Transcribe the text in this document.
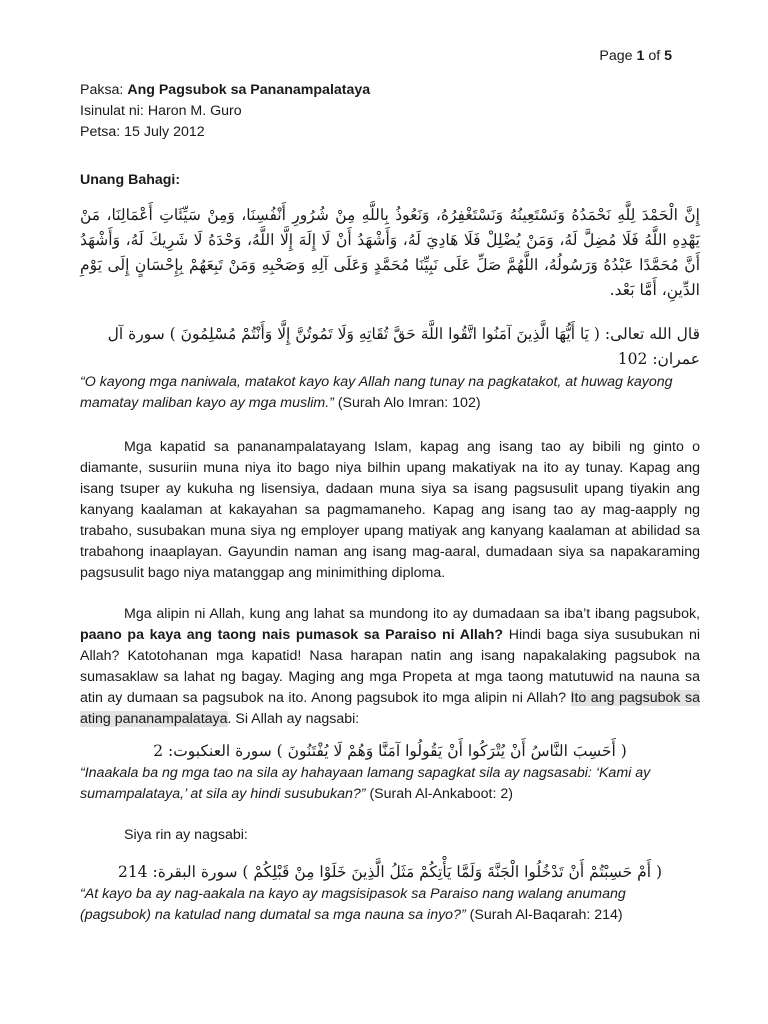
Page 1 of 5

Paksa: Ang Pagsubok sa Pananampalataya

Isinulat ni: Haron M. Guro

Petsa: 15 July 2012

Unang Bahagi:

إِنَّ الْحَمْدَ لِلَّهِ نَحْمَدُهُ وَنَسْتَعِينُهُ وَنَسْتَغْفِرُهُ، وَنَعُوذُ بِاللَّهِ مِنْ شُرُورِ أَنْفُسِنَا، وَمِنْ سَيِّئَاتِ أَعْمَالِنَا، مَنْ يَهْدِهِ اللَّهُ فَلَا مُضِلَّ لَهُ، وَمَنْ يُضْلِلْ فَلَا هَادِيَ لَهُ، وَأَشْهَدُ أَنْ لَا إِلَهَ إِلَّا اللَّهُ، وَحْدَهُ لَا شَرِيكَ لَهُ، وَأَشْهَدُ أَنَّ مُحَمَّدًا عَبْدُهُ وَرَسُولُهُ، اللَّهُمَّ صَلِّ عَلَى نَبِيِّنَا مُحَمَّدٍ وَعَلَى آلِهِ وَصَحْبِهِ وَمَنْ تَبِعَهُمْ بِإِحْسَانٍ إِلَى يَوْمِ الدِّينِ، أَمَّا بَعْد.

قال الله تعالى: ( يَا أَيُّهَا الَّذِينَ آمَنُوا اتَّقُوا اللَّهَ حَقَّ تُقَاتِهِ وَلَا تَمُوتُنَّ إِلَّا وَأَنْتُمْ مُسْلِمُونَ ) سورة آل عمران: 102

“O kayong mga naniwala, matakot kayo kay Allah nang tunay na pagkatakot, at huwag kayong mamatay maliban kayo ay mga muslim.” (Surah Alo Imran: 102)

Mga kapatid sa pananampalatayang Islam, kapag ang isang tao ay bibili ng ginto o diamante, susuriin muna niya ito bago niya bilhin upang makatiyak na ito ay tunay. Kapag ang isang tsuper ay kukuha ng lisensiya, dadaan muna siya sa isang pagsusulit upang tiyakin ang kanyang kaalaman at kakayahan sa pagmamaneho. Kapag ang isang tao ay mag-aapply ng trabaho, susubakan muna siya ng employer upang matiyak ang kanyang kaalaman at abilidad sa trabahong inaaplayan. Gayundin naman ang isang mag-aaral, dumadaan siya sa napakaraming pagsusulit bago niya matanggap ang minimithing diploma.

Mga alipin ni Allah, kung ang lahat sa mundong ito ay dumadaan sa iba’t ibang pagsubok, paano pa kaya ang taong nais pumasok sa Paraiso ni Allah? Hindi baga siya susubukan ni Allah? Katotohanan mga kapatid! Nasa harapan natin ang isang napakalaking pagsubok na sumasaklaw sa lahat ng bagay. Maging ang mga Propeta at mga taong matutuwid na nauna sa atin ay dumaan sa pagsubok na ito. Anong pagsubok ito mga alipin ni Allah? Ito ang pagsubok sa ating pananampalataya. Si Allah ay nagsabi:

( أَحَسِبَ النَّاسُ أَنْ يُتْرَكُوا أَنْ يَقُولُوا آمَنَّا وَهُمْ لَا يُفْتَنُونَ ) سورة العنكبوت: 2

“Inaakala ba ng mga tao na sila ay hahayaan lamang sapagkat sila ay nagsasabi: ‘Kami ay sumampalataya,’ at sila ay hindi susubukan?” (Surah Al-Ankaboot: 2)

Siya rin ay nagsabi:

( أَمْ حَسِبْتُمْ أَنْ تَدْخُلُوا الْجَنَّةَ وَلَمَّا يَأْتِكُمْ مَثَلُ الَّذِينَ خَلَوْا مِنْ قَبْلِكُمْ ) سورة البقرة: 214

“At kayo ba ay nag-aakala na kayo ay magsisipasok sa Paraiso nang walang anumang (pagsubok) na katulad nang dumatal sa mga nauna sa inyo?” (Surah Al-Baqarah: 214)
